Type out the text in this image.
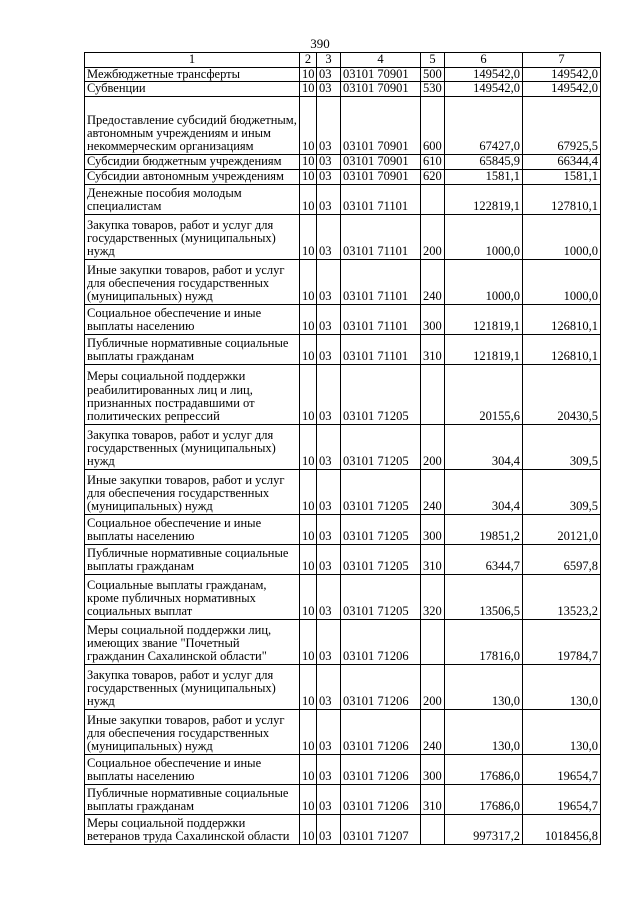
390
1	2	3	4	5	6	7
Межбюджетные трансферты	10	03	03101 70901	500	149542,0	149542,0
Субвенции	10	03	03101 70901	530	149542,0	149542,0
Предоставление субсидий бюджетным, автономным учреждениям и иным некоммерческим организациям	10	03	03101 70901	600	67427,0	67925,5
Субсидии бюджетным учреждениям	10	03	03101 70901	610	65845,9	66344,4
Субсидии автономным учреждениям	10	03	03101 70901	620	1581,1	1581,1
Денежные пособия молодым специалистам	10	03	03101 71101		122819,1	127810,1
Закупка товаров, работ и услуг для государственных (муниципальных) нужд	10	03	03101 71101	200	1000,0	1000,0
Иные закупки товаров, работ и услуг для обеспечения государственных (муниципальных) нужд	10	03	03101 71101	240	1000,0	1000,0
Социальное обеспечение и иные выплаты населению	10	03	03101 71101	300	121819,1	126810,1
Публичные нормативные социальные выплаты гражданам	10	03	03101 71101	310	121819,1	126810,1
Меры социальной поддержки реабилитированных лиц и лиц, признанных пострадавшими от политических репрессий	10	03	03101 71205		20155,6	20430,5
Закупка товаров, работ и услуг для государственных (муниципальных) нужд	10	03	03101 71205	200	304,4	309,5
Иные закупки товаров, работ и услуг для обеспечения государственных (муниципальных) нужд	10	03	03101 71205	240	304,4	309,5
Социальное обеспечение и иные выплаты населению	10	03	03101 71205	300	19851,2	20121,0
Публичные нормативные социальные выплаты гражданам	10	03	03101 71205	310	6344,7	6597,8
Социальные выплаты гражданам, кроме публичных нормативных социальных выплат	10	03	03101 71205	320	13506,5	13523,2
Меры социальной поддержки лиц, имеющих звание "Почетный гражданин Сахалинской области"	10	03	03101 71206		17816,0	19784,7
Закупка товаров, работ и услуг для государственных (муниципальных) нужд	10	03	03101 71206	200	130,0	130,0
Иные закупки товаров, работ и услуг для обеспечения государственных (муниципальных) нужд	10	03	03101 71206	240	130,0	130,0
Социальное обеспечение и иные выплаты населению	10	03	03101 71206	300	17686,0	19654,7
Публичные нормативные социальные выплаты гражданам	10	03	03101 71206	310	17686,0	19654,7
Меры социальной поддержки ветеранов труда Сахалинской области	10	03	03101 71207		997317,2	1018456,8
